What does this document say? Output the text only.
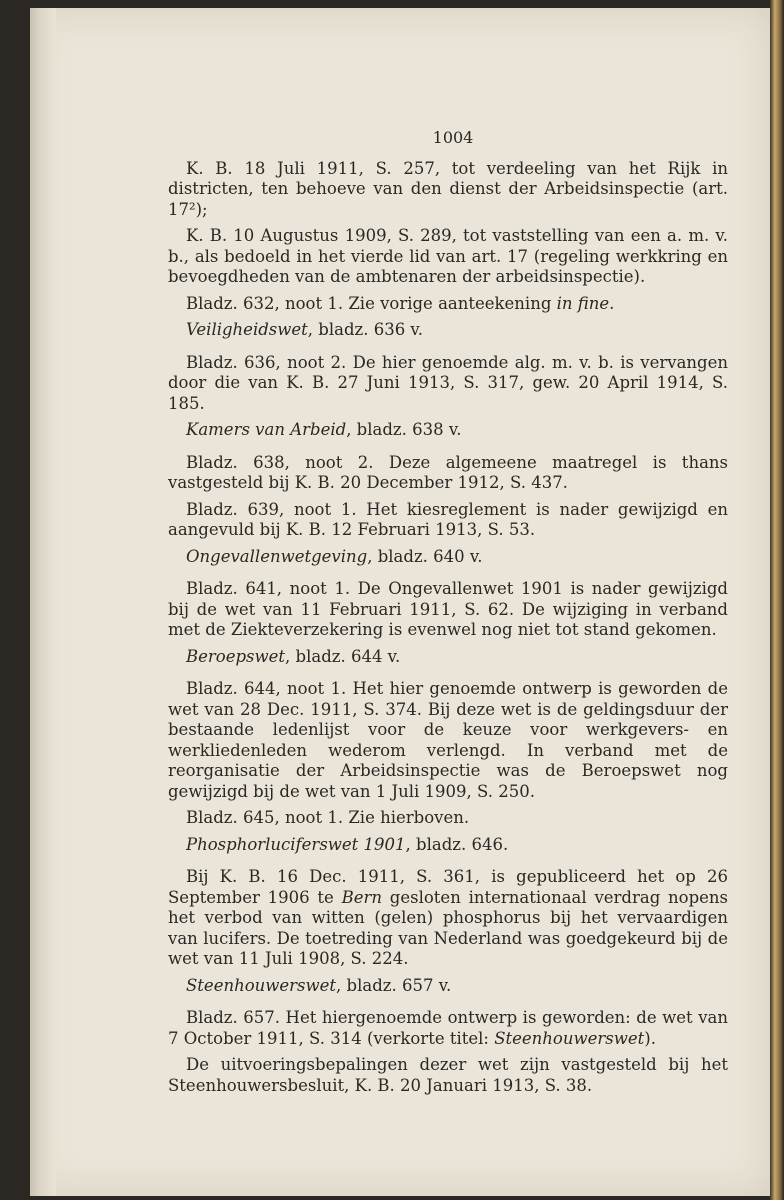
1004

K. B. 18 Juli 1911, S. 257, tot verdeeling van het Rijk in districten, ten behoeve van den dienst der Arbeidsinspectie (art. 17²);

K. B. 10 Augustus 1909, S. 289, tot vaststelling van een a. m. v. b., als bedoeld in het vierde lid van art. 17 (regeling werkkring en bevoegdheden van de ambtenaren der arbeidsinspectie).

Bladz. 632, noot 1. Zie vorige aanteekening in fine.

Veiligheidswet, bladz. 636 v.

Bladz. 636, noot 2. De hier genoemde alg. m. v. b. is vervangen door die van K. B. 27 Juni 1913, S. 317, gew. 20 April 1914, S. 185.

Kamers van Arbeid, bladz. 638 v.

Bladz. 638, noot 2. Deze algemeene maatregel is thans vastgesteld bij K. B. 20 December 1912, S. 437.

Bladz. 639, noot 1. Het kiesreglement is nader gewijzigd en aangevuld bij K. B. 12 Februari 1913, S. 53.

Ongevallenwetgeving, bladz. 640 v.

Bladz. 641, noot 1. De Ongevallenwet 1901 is nader gewijzigd bij de wet van 11 Februari 1911, S. 62. De wijziging in verband met de Ziekteverzekering is evenwel nog niet tot stand gekomen.

Beroepswet, bladz. 644 v.

Bladz. 644, noot 1. Het hier genoemde ontwerp is geworden de wet van 28 Dec. 1911, S. 374. Bij deze wet is de geldingsduur der bestaande ledenlijst voor de keuze voor werkgevers- en werkliedenleden wederom verlengd. In verband met de reorganisatie der Arbeidsinspectie was de Beroepswet nog gewijzigd bij de wet van 1 Juli 1909, S. 250.

Bladz. 645, noot 1. Zie hierboven.

Phosphorluciferswet 1901, bladz. 646.

Bij K. B. 16 Dec. 1911, S. 361, is gepubliceerd het op 26 September 1906 te Bern gesloten internationaal verdrag nopens het verbod van witten (gelen) phosphorus bij het vervaardigen van lucifers. De toetreding van Nederland was goedgekeurd bij de wet van 11 Juli 1908, S. 224.

Steenhouwerswet, bladz. 657 v.

Bladz. 657. Het hiergenoemde ontwerp is geworden: de wet van 7 October 1911, S. 314 (verkorte titel: Steenhouwerswet).

De uitvoeringsbepalingen dezer wet zijn vastgesteld bij het Steenhouwersbesluit, K. B. 20 Januari 1913, S. 38.
